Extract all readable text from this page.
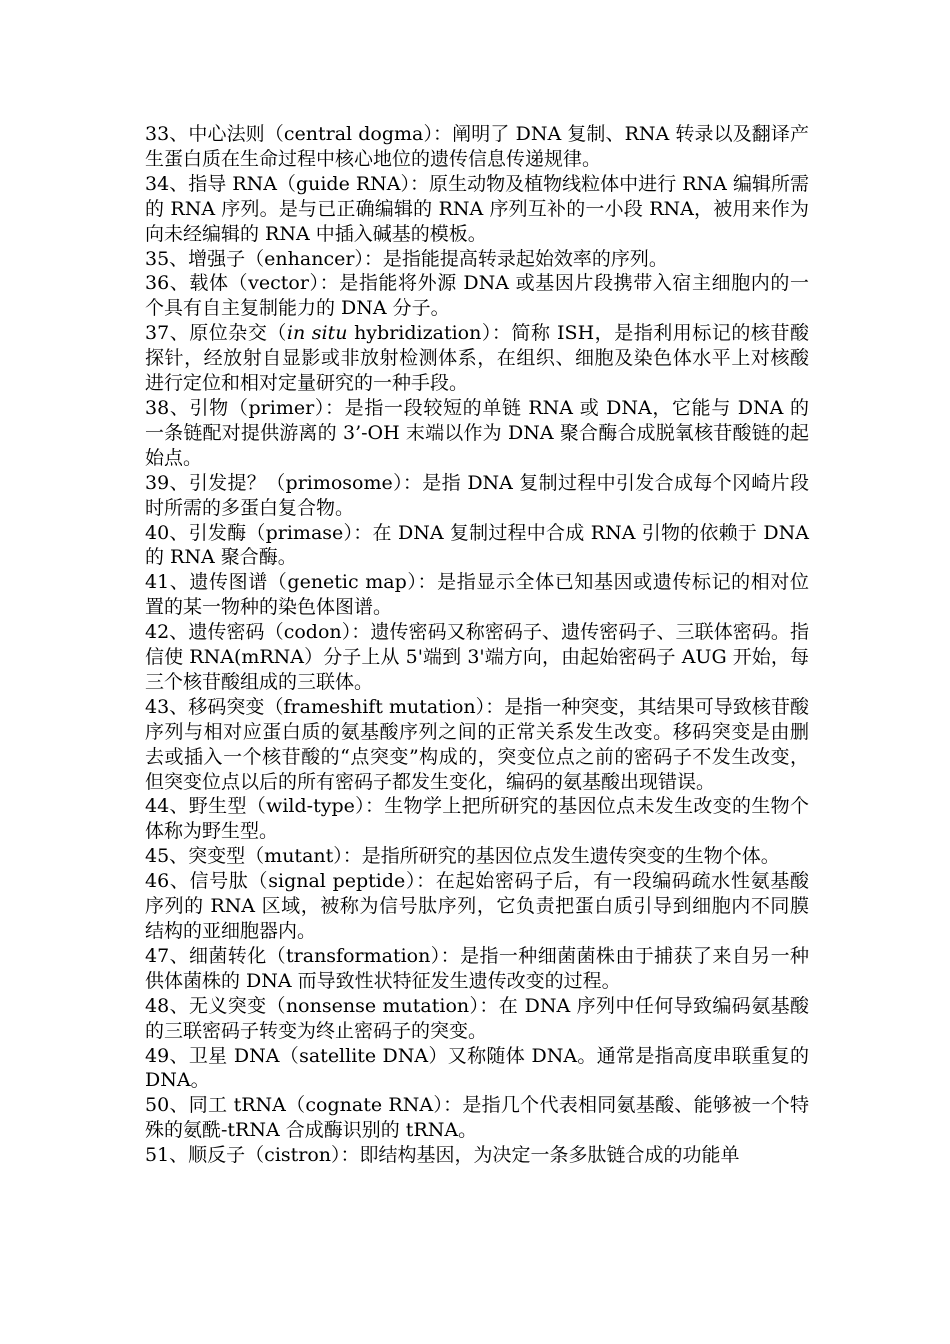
33、中心法则（central dogma）：阐明了 DNA 复制、RNA 转录以及翻译产生蛋白质在生命过程中核心地位的遗传信息传递规律。

34、指导 RNA（guide RNA）：原生动物及植物线粒体中进行 RNA 编辑所需的 RNA 序列。是与已正确编辑的 RNA 序列互补的一小段 RNA，被用来作为向未经编辑的 RNA 中插入碱基的模板。

35、增强子（enhancer）：是指能提高转录起始效率的序列。

36、载体（vector）：是指能将外源 DNA 或基因片段携带入宿主细胞内的一个具有自主复制能力的 DNA 分子。

37、原位杂交（in situ hybridization）：简称 ISH，是指利用标记的核苷酸探针，经放射自显影或非放射检测体系，在组织、细胞及染色体水平上对核酸进行定位和相对定量研究的一种手段。

38、引物（primer）：是指一段较短的单链 RNA 或 DNA，它能与 DNA 的一条链配对提供游离的 3’-OH 末端以作为 DNA 聚合酶合成脱氧核苷酸链的起始点。

39、引发提？（primosome）：是指 DNA 复制过程中引发合成每个冈崎片段时所需的多蛋白复合物。

40、引发酶（primase）：在 DNA 复制过程中合成 RNA 引物的依赖于 DNA 的 RNA 聚合酶。

41、遗传图谱（genetic map）：是指显示全体已知基因或遗传标记的相对位置的某一物种的染色体图谱。

42、遗传密码（codon）：遗传密码又称密码子、遗传密码子、三联体密码。指信使 RNA(mRNA）分子上从 5'端到 3'端方向，由起始密码子 AUG 开始，每三个核苷酸组成的三联体。

43、移码突变（frameshift mutation）：是指一种突变，其结果可导致核苷酸序列与相对应蛋白质的氨基酸序列之间的正常关系发生改变。移码突变是由删去或插入一个核苷酸的“点突变”构成的，突变位点之前的密码子不发生改变，但突变位点以后的所有密码子都发生变化，编码的氨基酸出现错误。

44、野生型（wild-type）：生物学上把所研究的基因位点未发生改变的生物个体称为野生型。

45、突变型（mutant）：是指所研究的基因位点发生遗传突变的生物个体。

46、信号肽（signal peptide）：在起始密码子后，有一段编码疏水性氨基酸序列的 RNA 区域，被称为信号肽序列，它负责把蛋白质引导到细胞内不同膜结构的亚细胞器内。

47、细菌转化（transformation）：是指一种细菌菌株由于捕获了来自另一种供体菌株的 DNA 而导致性状特征发生遗传改变的过程。

48、无义突变（nonsense mutation）：在 DNA 序列中任何导致编码氨基酸的三联密码子转变为终止密码子的突变。

49、卫星 DNA（satellite DNA）又称随体 DNA。通常是指高度串联重复的 DNA。

50、同工 tRNA（cognate RNA）：是指几个代表相同氨基酸、能够被一个特殊的氨酰-tRNA 合成酶识别的 tRNA。

51、顺反子（cistron）：即结构基因，为决定一条多肽链合成的功能单
